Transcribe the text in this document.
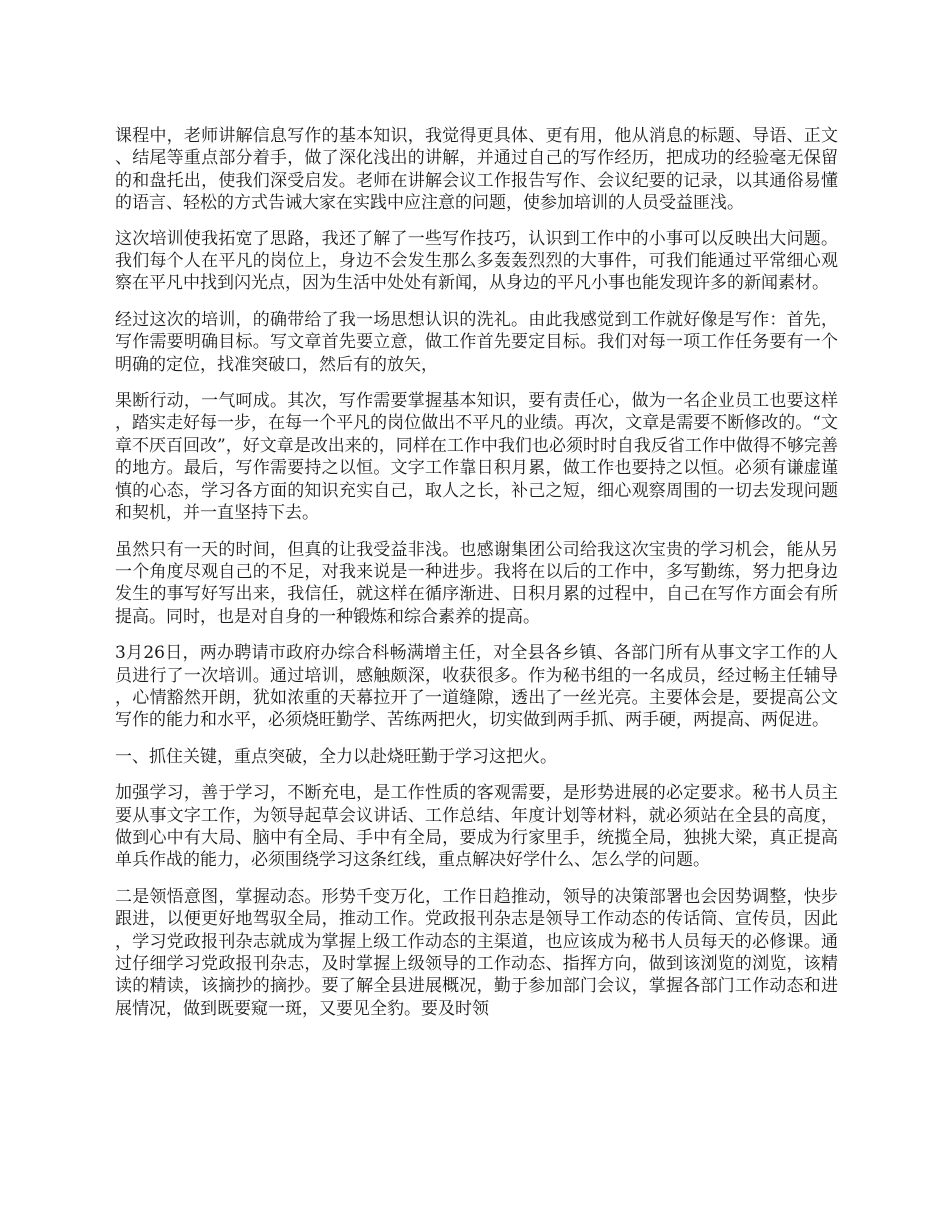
课程中，老师讲解信息写作的基本知识，我觉得更具体、更有用，他从消息的标题、导语、正文、结尾等重点部分着手，做了深化浅出的讲解，并通过自己的写作经历，把成功的经验毫无保留的和盘托出，使我们深受启发。老师在讲解会议工作报告写作、会议纪要的记录，以其通俗易懂的语言、轻松的方式告诫大家在实践中应注意的问题，使参加培训的人员受益匪浅。

这次培训使我拓宽了思路，我还了解了一些写作技巧，认识到工作中的小事可以反映出大问题。我们每个人在平凡的岗位上，身边不会发生那么多轰轰烈烈的大事件，可我们能通过平常细心观察在平凡中找到闪光点，因为生活中处处有新闻，从身边的平凡小事也能发现许多的新闻素材。

经过这次的培训，的确带给了我一场思想认识的洗礼。由此我感觉到工作就好像是写作：首先，写作需要明确目标。写文章首先要立意，做工作首先要定目标。我们对每一项工作任务要有一个明确的定位，找准突破口，然后有的放矢，

果断行动，一气呵成。其次，写作需要掌握基本知识，要有责任心，做为一名企业员工也要这样，踏实走好每一步，在每一个平凡的岗位做出不平凡的业绩。再次，文章是需要不断修改的。“文章不厌百回改”，好文章是改出来的，同样在工作中我们也必须时时自我反省工作中做得不够完善的地方。最后，写作需要持之以恒。文字工作靠日积月累，做工作也要持之以恒。必须有谦虚谨慎的心态，学习各方面的知识充实自己，取人之长，补己之短，细心观察周围的一切去发现问题和契机，并一直坚持下去。

虽然只有一天的时间，但真的让我受益非浅。也感谢集团公司给我这次宝贵的学习机会，能从另一个角度尽观自己的不足，对我来说是一种进步。我将在以后的工作中，多写勤练，努力把身边发生的事写好写出来，我信任，就这样在循序渐进、日积月累的过程中，自己在写作方面会有所提高。同时，也是对自身的一种锻炼和综合素养的提高。

3月26日，两办聘请市政府办综合科畅满增主任，对全县各乡镇、各部门所有从事文字工作的人员进行了一次培训。通过培训，感触颇深，收获很多。作为秘书组的一名成员，经过畅主任辅导，心情豁然开朗，犹如浓重的天幕拉开了一道缝隙，透出了一丝光亮。主要体会是，要提高公文写作的能力和水平，必须烧旺勤学、苦练两把火，切实做到两手抓、两手硬，两提高、两促进。

一、抓住关键，重点突破，全力以赴烧旺勤于学习这把火。

加强学习，善于学习，不断充电，是工作性质的客观需要，是形势进展的必定要求。秘书人员主要从事文字工作，为领导起草会议讲话、工作总结、年度计划等材料，就必须站在全县的高度，做到心中有大局、脑中有全局、手中有全局，要成为行家里手，统揽全局，独挑大梁，真正提高单兵作战的能力，必须围绕学习这条红线，重点解决好学什么、怎么学的问题。

二是领悟意图，掌握动态。形势千变万化，工作日趋推动，领导的决策部署也会因势调整，快步跟进，以便更好地驾驭全局，推动工作。党政报刊杂志是领导工作动态的传话筒、宣传员，因此，学习党政报刊杂志就成为掌握上级工作动态的主渠道，也应该成为秘书人员每天的必修课。通过仔细学习党政报刊杂志，及时掌握上级领导的工作动态、指挥方向，做到该浏览的浏览，该精读的精读，该摘抄的摘抄。要了解全县进展概况，勤于参加部门会议，掌握各部门工作动态和进展情况，做到既要窥一斑，又要见全豹。要及时领
